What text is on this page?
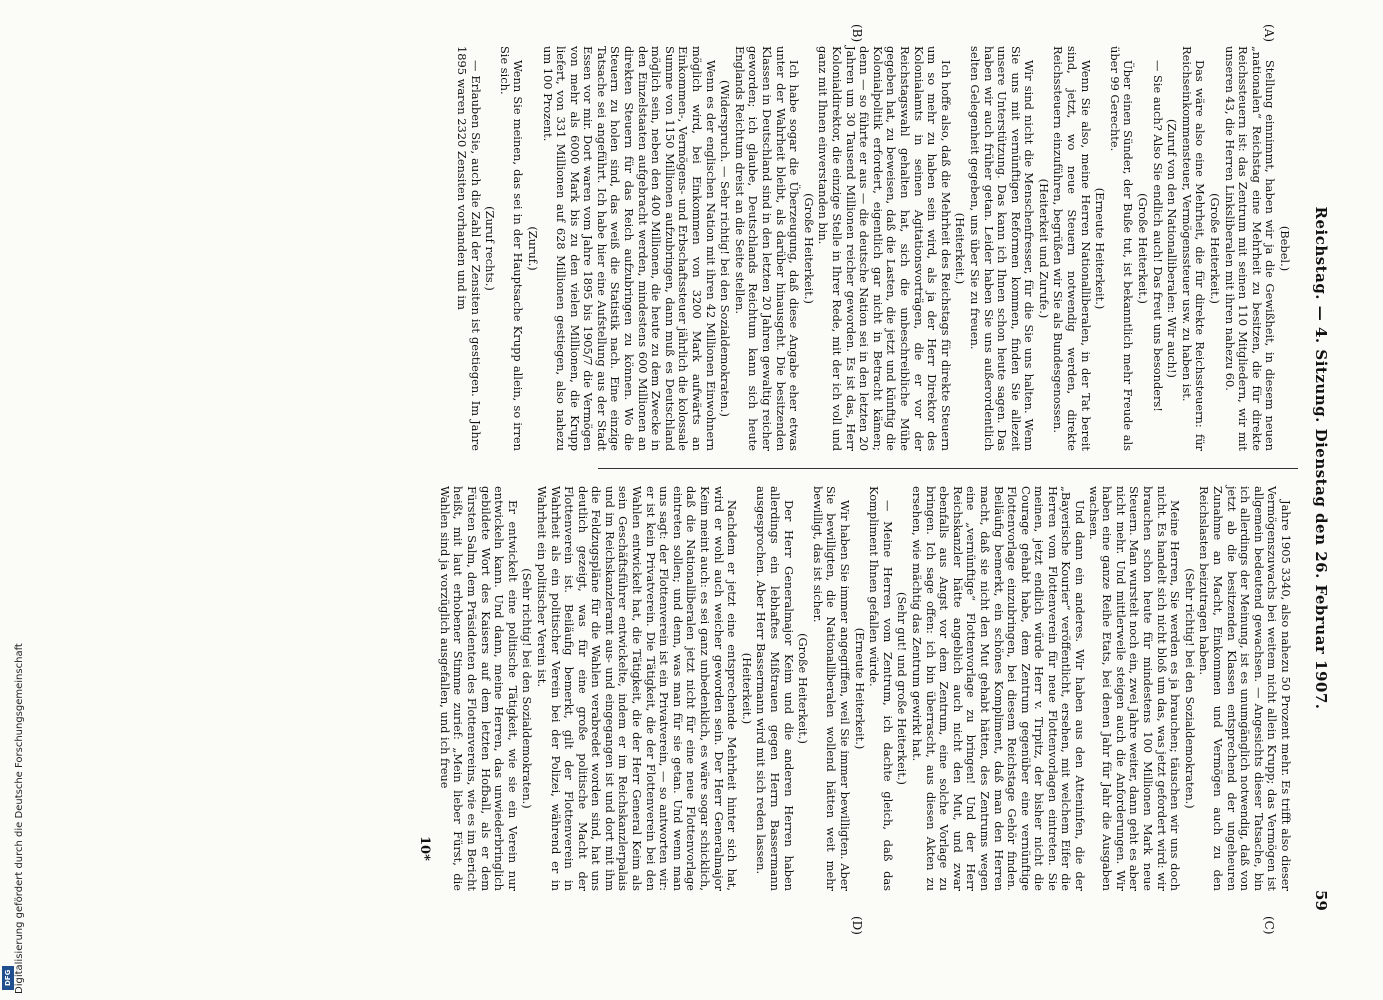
Reichstag. — 4. Sitzung. Dienstag den 26. Februar 1907.
59
(A)
(B)
(C)
(D)

(Bebel.)

Stellung einnimmt, haben wir ja die Gewißheit, in diesem neuen „nationalen“ Reichstag eine Mehrheit zu besitzen, die für direkte Reichssteuern ist: das Zentrum mit seinen 110 Mitgliedern, wir mit unseren 43, die Herren Linksliberalen mit ihren nahezu 60.

(Große Heiterkeit.)

Das wäre also eine Mehrheit, die für direkte Reichssteuern: für Reichseinkommensteuer, Vermögenssteuer usw. zu haben ist.

(Zuruf von den Nationalliberalen: Wir auch!)

— Sie auch? Also Sie endlich auch! Das freut uns besonders!

(Große Heiterkeit.)

Über einen Sünder, der Buße tut, ist bekanntlich mehr Freude als über 99 Gerechte.

(Erneute Heiterkeit.)

Wenn Sie also, meine Herren Nationalliberalen, in der Tat bereit sind, jetzt, wo neue Steuern notwendig werden, direkte Reichssteuern einzuführen, begrüßen wir Sie als Bundesgenossen.

(Heiterkeit und Zurufe.)

Wir sind nicht die Menschenfresser, für die Sie uns halten. Wenn Sie uns mit vernünftigen Reformen kommen, finden Sie allezeit unsere Unterstützung. Das kann ich Ihnen schon heute sagen. Das haben wir auch früher getan. Leider haben Sie uns außerordentlich selten Gelegenheit gegeben, uns über Sie zu freuen.

(Heiterkeit.)

Ich hoffe also, daß die Mehrheit des Reichstags für direkte Steuern um so mehr zu haben sein wird, als ja der Herr Direktor des Kolonialamts in seinen Agitationsvorträgen, die er vor der Reichstagswahl gehalten hat, sich die unbeschreibliche Mühe gegeben hat, zu beweisen, daß die Lasten, die jetzt und künftig die Kolonialpolitik erfordert, eigentlich gar nicht in Betracht kämen; denn — so führte er aus — die deutsche Nation sei in den letzten 20 Jahren um 30 Tausend Millionen reicher geworden. Es ist das, Herr Kolonialdirektor, die einzige Stelle in Ihrer Rede, mit der ich voll und ganz mit Ihnen einverstanden bin.

(Große Heiterkeit.)

Ich habe sogar die Überzeugung, daß diese Angabe eher etwas unter der Wahrheit bleibt, als darüber hinausgeht. Die besitzenden Klassen in Deutschland sind in den letzten 20 Jahren gewaltig reicher geworden; ich glaube, Deutschlands Reichtum kann sich heute Englands Reichtum dreist an die Seite stellen.

(Widerspruch. — Sehr richtig! bei den Sozialdemokraten.)

Wenn es der englischen Nation mit ihren 42 Millionen Einwohnern möglich wird, bei Einkommen von 3200 Mark aufwärts an Einkommen-, Vermögens- und Erbschaftssteuer jährlich die kolossale Summe von 1150 Millionen aufzubringen, dann muß es Deutschland möglich sein, neben den 400 Millionen, die heute zu dem Zwecke in den Einzelstaaten aufgebracht werden, mindestens 600 Millionen an direkten Steuern für das Reich aufzubringen zu können. Wo die Steuern zu holen sind, das weiß die Statistik nach. Eine einzige Tatsache sei angeführt. Ich habe hier eine Aufstellung aus der Stadt Essen vor mir. Dort waren vom Jahre 1895 bis 1905/7 die Vermögen von mehr als 6000 Mark bis zu den vielen Millionen, die Krupp liefert, von 331 Millionen auf 628 Millionen gestiegen, also nahezu um 100 Prozent.

(Zuruf.)

Wenn Sie meinen, das sei in der Hauptsache Krupp allein, so irren Sie sich.

(Zuruf rechts.)

— Erlauben Sie, auch die Zahl der Zensiten ist gestiegen. Im Jahre 1895 waren 2320 Zensiten vorhanden und im

Jahre 1905 3340, also nahezu 50 Prozent mehr. Es trifft also dieser Vermögenszuwachs bei weitem nicht allein Krupp; das Vermögen ist allgemein bedeutend gewachsen. — Angesichts dieser Tatsache, bin ich allerdings der Meinung, ist es unumgänglich notwendig, daß von jetzt ab die besitzenden Klassen entsprechend der ungeheuren Zunahme an Macht, Einkommen und Vermögen auch zu den Reichslasten beizutragen haben.

(Sehr richtig! bei den Sozialdemokraten.)

Meine Herren, Sie werden es ja brauchen; täuschen wir uns doch nicht. Es handelt sich nicht bloß um das, was jetzt gefordert wird: wir brauchen schon heute für mindestens 100 Millionen Mark neue Steuern. Man wurstelt noch ein, zwei Jahre weiter, dann geht es aber nicht mehr. Und mittlerweile steigen auch die Anforderungen. Wir haben eine ganze Reihe Etats, bei denen Jahr für Jahr die Ausgaben wachsen.

Und dann ein anderes. Wir haben aus den Atteninfen, die der „Bayerische Kourier“ veröffentlicht, ersehen, mit welchem Eifer die Herren vom Flottenverein für neue Flottenvorlagen eintreten. Sie meinen, jetzt endlich würde Herr v. Tirpitz, der bisher nicht die Courage gehabt habe, dem Zentrum gegenüber eine vernünftige Flottenvorlage einzubringen, bei diesem Reichstage Gehör finden. Beiläufig bemerkt, ein schönes Kompliment, daß man den Herren macht, daß sie nicht den Mut gehabt hätten, des Zentrums wegen eine „vernünftige“ Flottenvorlage zu bringen! Und der Herr Reichskanzler hätte angeblich auch nicht den Mut, und zwar ebenfalls aus Angst vor dem Zentrum, eine solche Vorlage zu bringen. Ich sage offen: ich bin überrascht, aus diesen Akten zu ersehen, wie mächtig das Zentrum gewirkt hat.

(Sehr gut! und große Heiterkeit.)

— Meine Herren vom Zentrum, ich dachte gleich, daß das Kompliment Ihnen gefallen würde.

(Erneute Heiterkeit.)

Wir haben Sie immer angegriffen, weil Sie immer bewilligten. Aber Sie bewilligten, die Nationalliberalen wollend hätten weit mehr bewilligt, das ist sicher.

(Große Heiterkeit.)

Der Herr Generalmajor Keim und die anderen Herren haben allerdings ein lebhaftes Mißtrauen gegen Herrn Bassermann ausgesprochen. Aber Herr Bassermann wird mit sich reden lassen.

(Heiterkeit.)

Nachdem er jetzt eine entsprechende Mehrheit hinter sich hat, wird er wohl auch weicher geworden sein. Der Herr Generalmajor Keim meint auch: es sei ganz unbedenklich, es wäre sogar schicklich, daß die Nationalliberalen jetzt nicht für eine neue Flottenvorlage eintreten sollen; und denn, was man für sie getan. Und wenn man uns sagt: der Flottenverein ist ein Privatverein, — so antworten wir: er ist kein Privatverein. Die Tätigkeit, die der Flottenverein bei den Wahlen entwickelt hat, die Tätigkeit, die der Herr General Keim als sein Geschäftsführer entwickelte, indem er im Reichskanzlerpalais und im Reichskanzleramt aus- und eingegangen ist und dort mit ihm die Feldzugspläne für die Wahlen verabredet worden sind, hat uns deutlich gezeigt, was für eine große politische Macht der Flottenverein ist. Beiläufig bemerkt, gilt der Flottenverein in Wahrheit als ein politischer Verein bei der Polizei, während er in Wahrheit ein politischer Verein ist.

(Sehr richtig! bei den Sozialdemokraten.)

Er entwickelt eine politische Tätigkeit, wie sie ein Verein nur entwickeln kann. Und dann, meine Herren, das unwiederbringlich gebildete Wort des Kaisers auf dem letzten Hofball, als er dem Fürsten Salm, dem Präsidenten des Flottenvereins, wie es im Bericht heißt, mit laut erhobener Stimme zurief: „Mein lieber Fürst, die Wahlen sind ja vorzüglich ausgefallen, und ich freue

10*
Digitalisierung gefördert durch die Deutsche Forschungsgemeinschaft
DFG
